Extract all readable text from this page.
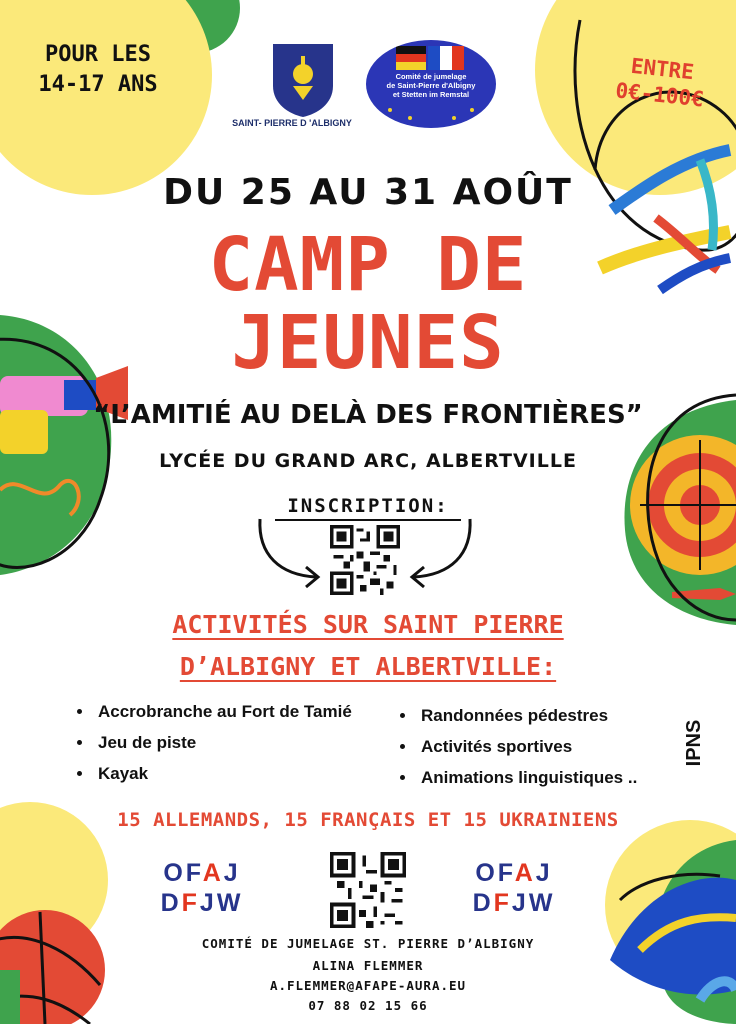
POUR LES
14-17 ANS
ENTRE
0€-100€
SAINT- PIERRE D 'ALBIGNY
Comité de jumelage
de Saint-Pierre d'Albigny
et Stetten im Remstal
DU 25 AU 31 AOÛT
CAMP DE
JEUNES
“L’AMITIÉ AU DELÀ DES FRONTIÈRES”
LYCÉE DU GRAND ARC, ALBERTVILLE
INSCRIPTION:
ACTIVITÉS SUR SAINT PIERRE
D’ALBIGNY ET ALBERTVILLE:
• Accrobranche au Fort de Tamié
• Jeu de piste
• Kayak
• Randonnées pédestres
• Activités sportives
• Animations linguistiques ..
IPNS
15 ALLEMANDS, 15 FRANÇAIS ET 15 UKRAINIENS
OFAJ
DFJW
OFAJ
DFJW
COMITÉ DE JUMELAGE ST. PIERRE D’ALBIGNY
ALINA FLEMMER
A.FLEMMER@AFAPE-AURA.EU
07 88 02 15 66
